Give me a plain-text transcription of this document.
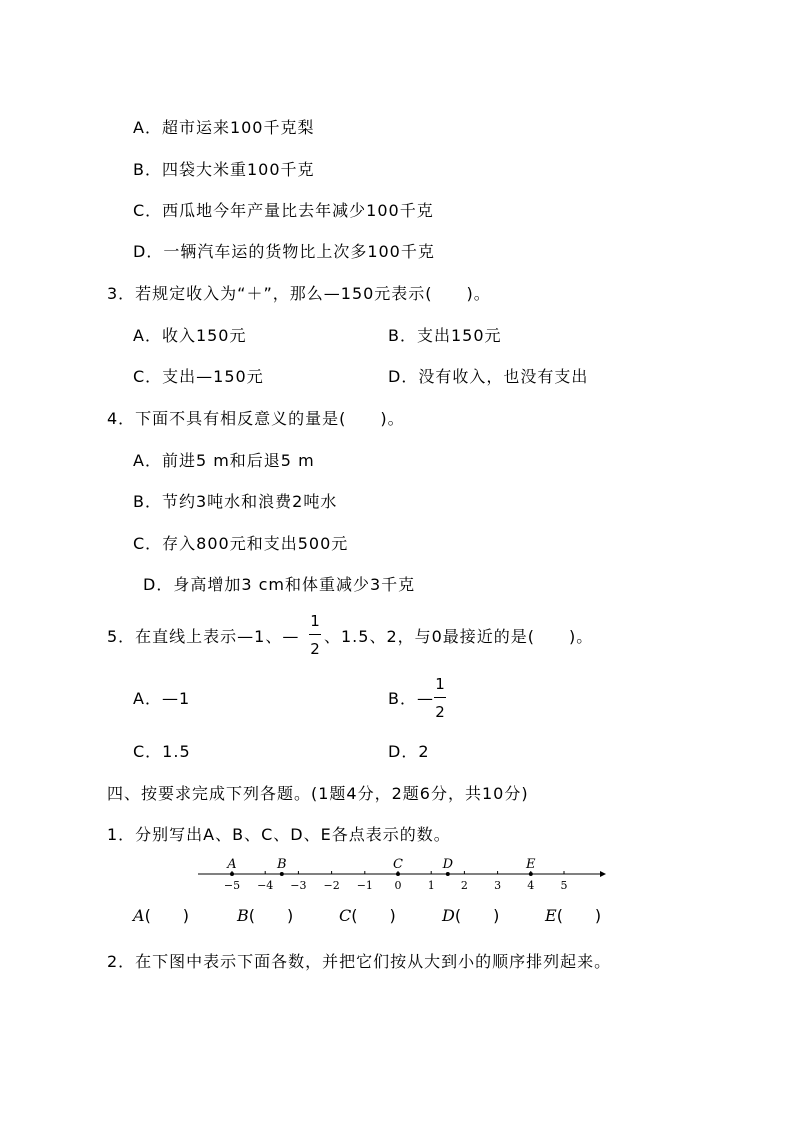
A．超市运来100千克梨
B．四袋大米重100千克
C．西瓜地今年产量比去年减少100千克
D．一辆汽车运的货物比上次多100千克
3．若规定收入为“＋”，那么—150元表示(　　)。
A．收入150元	B．支出150元
C．支出—150元	D．没有收入，也没有支出
4．下面不具有相反意义的量是(　　)。
A．前进5 m和后退5 m
B．节约3吨水和浪费2吨水
C．存入800元和支出500元
D．身高增加3 cm和体重减少3千克
5．在直线上表示—1、—
1
2
、1.5、2，与0最接近的是(　　)。
A．—1	B．—
1
2
C．1.5	D．2
四、按要求完成下列各题。(1题4分，2题6分，共10分)
1．分别写出A、B、C、D、E各点表示的数。
−5 −4 −3 −2 −1 0 1 2 3 4 5
A	B	C	D	E
A(　　)	B(　　)	C(　　)	D(　　)	E(　　)
2．在下图中表示下面各数，并把它们按从大到小的顺序排列起来。
